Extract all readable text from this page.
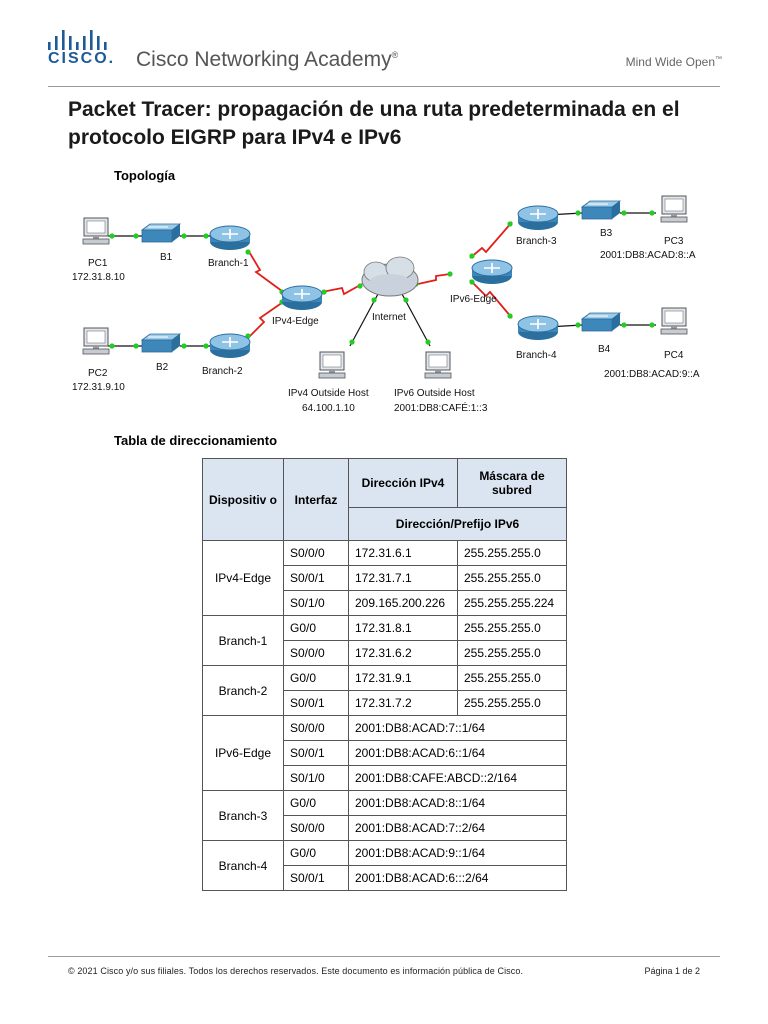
CISCO. Cisco Networking Academy®	Mind Wide Open™
Packet Tracer: propagación de una ruta predeterminada en el protocolo EIGRP para IPv4 e IPv6
Topología
PC1
172.31.8.10
B1
Branch-1
PC2
172.31.9.10
B2	Branch-2
IPv4-Edge	Internet
IPv4 Outside Host
64.100.1.10
IPv6 Outside Host
2001:DB8:CAFÉ:1::3
IPv6-Edge
Branch-3
B3
PC3
2001:DB8:ACAD:8::A
Branch-4
B4
PC4
2001:DB8:ACAD:9::A
Tabla de direccionamiento
Dispositiv o	Interfaz	Dirección IPv4	Máscara de subred
		Dirección/Prefijo IPv6	
IPv4-Edge	S0/0/0	172.31.6.1	255.255.255.0
	S0/0/1	172.31.7.1	255.255.255.0
	S0/1/0	209.165.200.226	255.255.255.224
Branch-1	G0/0	172.31.8.1	255.255.255.0
	S0/0/0	172.31.6.2	255.255.255.0
Branch-2	G0/0	172.31.9.1	255.255.255.0
	S0/0/1	172.31.7.2	255.255.255.0
IPv6-Edge	S0/0/0	2001:DB8:ACAD:7::1/64	
	S0/0/1	2001:DB8:ACAD:6::1/64	
	S0/1/0	2001:DB8:CAFE:ABCD::2/164	
Branch-3	G0/0	2001:DB8:ACAD:8::1/64	
	S0/0/0	2001:DB8:ACAD:7::2/64	
Branch-4	G0/0	2001:DB8:ACAD:9::1/64	
	S0/0/1	2001:DB8:ACAD:6:::2/64	
© 2021 Cisco y/o sus filiales. Todos los derechos reservados. Este documento es información pública de Cisco.	Página 1 de 2
